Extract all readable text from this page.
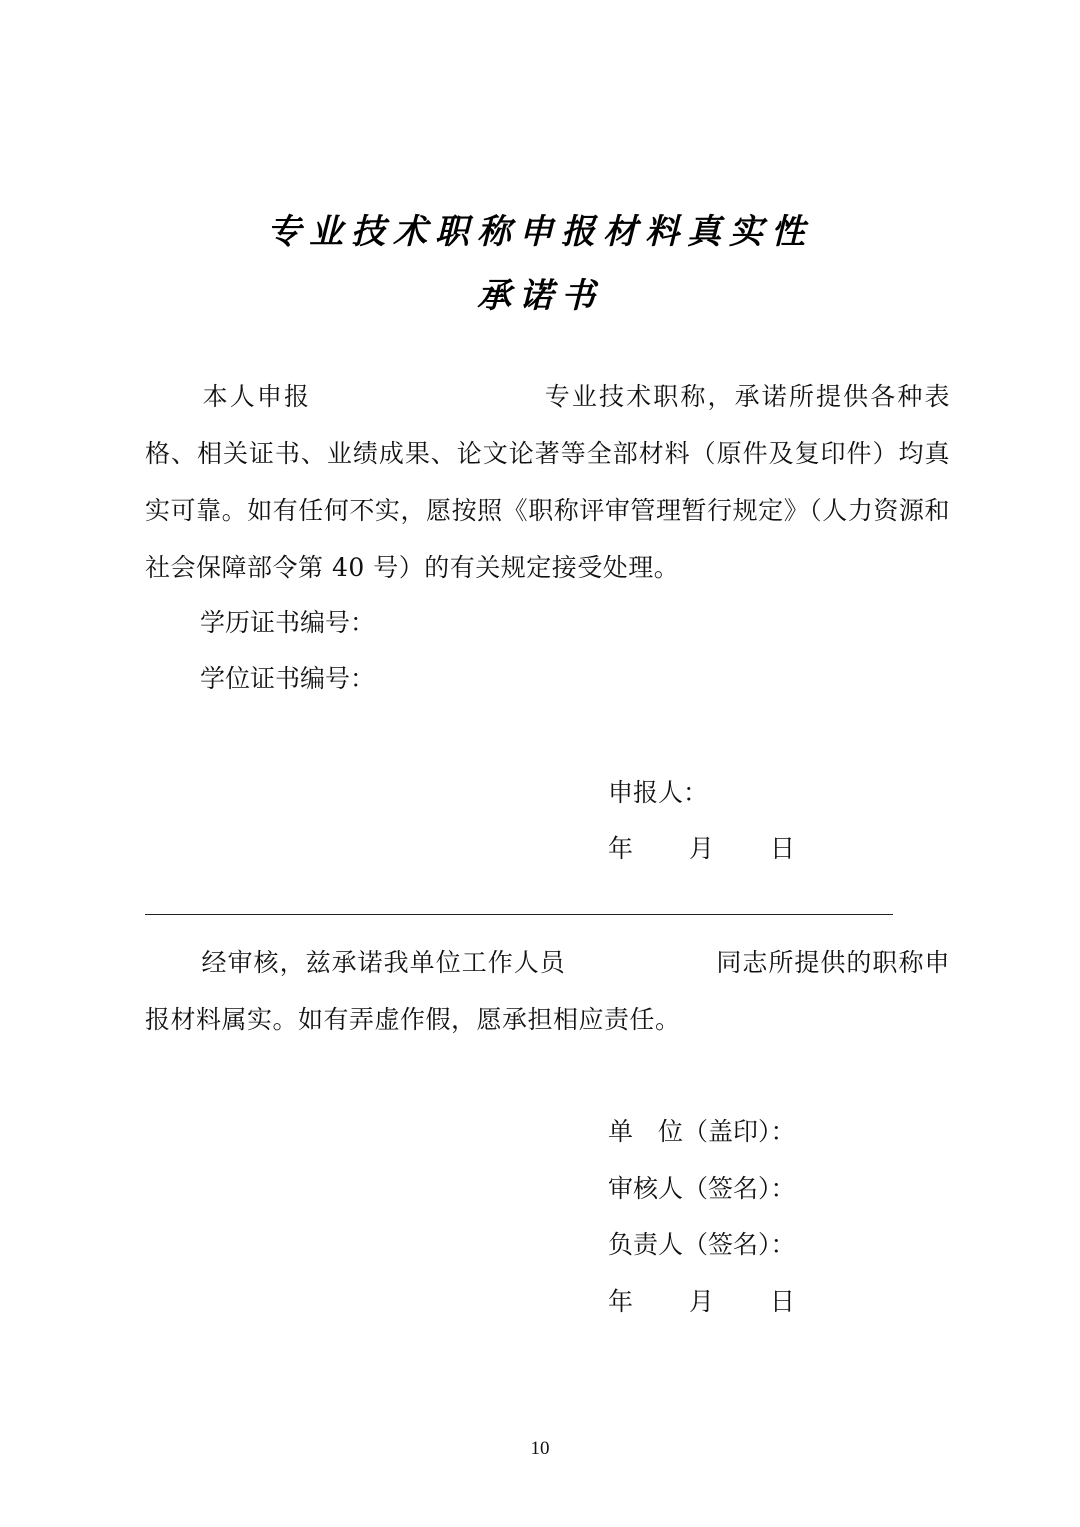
专业技术职称申报材料真实性
承诺书
本人申报	专业技术职称，承诺所提供各种表格、相关证书、业绩成果、论文论著等全部材料（原件及复印件）均真实可靠。如有任何不实，愿按照《职称评审管理暂行规定》（人力资源和社会保障部令第 40 号）的有关规定接受处理。
学历证书编号：
学位证书编号：
申报人：
年 月 日
经审核，兹承诺我单位工作人员	同志所提供的职称申报材料属实。如有弄虚作假，愿承担相应责任。
单　位（盖印）：
审核人（签名）：
负责人（签名）：
年 月 日
10
